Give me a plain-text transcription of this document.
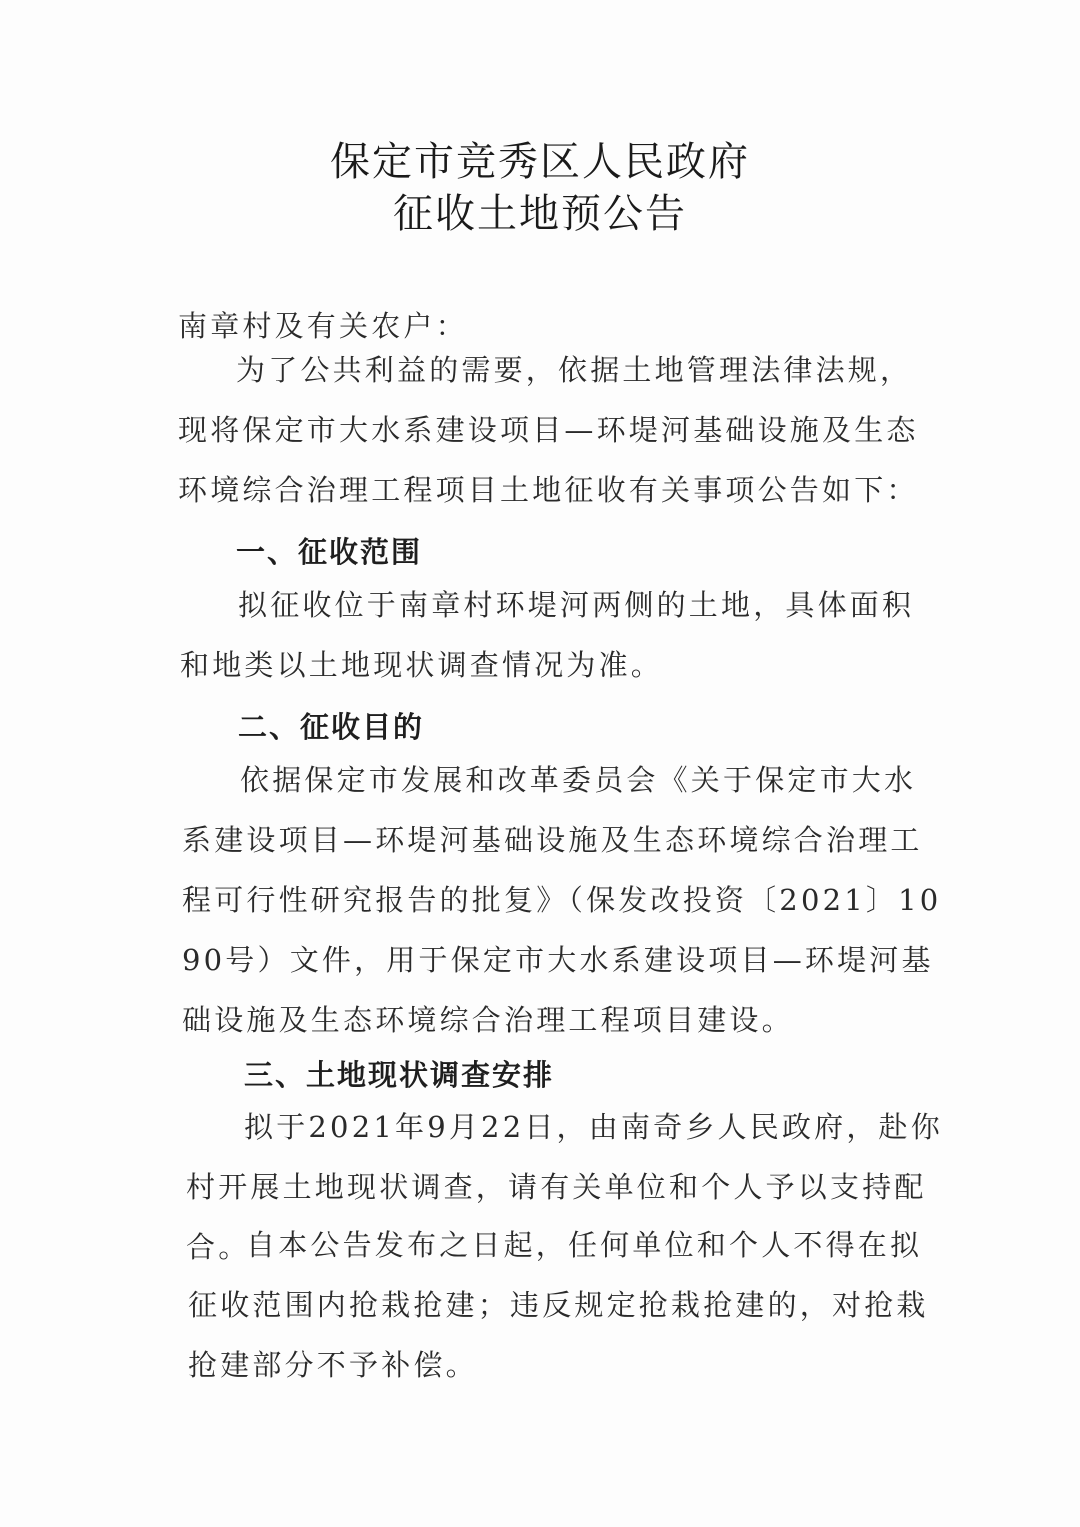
保定市竞秀区人民政府
征收土地预公告
南章村及有关农户：
为了公共利益的需要，依据土地管理法律法规，现将保定市大水系建设项目—环堤河基础设施及生态环境综合治理工程项目土地征收有关事项公告如下：
一、征收范围
拟征收位于南章村环堤河两侧的土地，具体面积和地类以土地现状调查情况为准。
二、征收目的
依据保定市发展和改革委员会《关于保定市大水系建设项目—环堤河基础设施及生态环境综合治理工程可行性研究报告的批复》（保发改投资〔2021〕1090号）文件，用于保定市大水系建设项目—环堤河基础设施及生态环境综合治理工程项目建设。
三、土地现状调查安排
拟于2021年9月22日，由南奇乡人民政府，赴你村开展土地现状调查，请有关单位和个人予以支持配合。
自本公告发布之日起，任何单位和个人不得在拟征收范围内抢栽抢建；违反规定抢栽抢建的，对抢栽抢建部分不予补偿。
